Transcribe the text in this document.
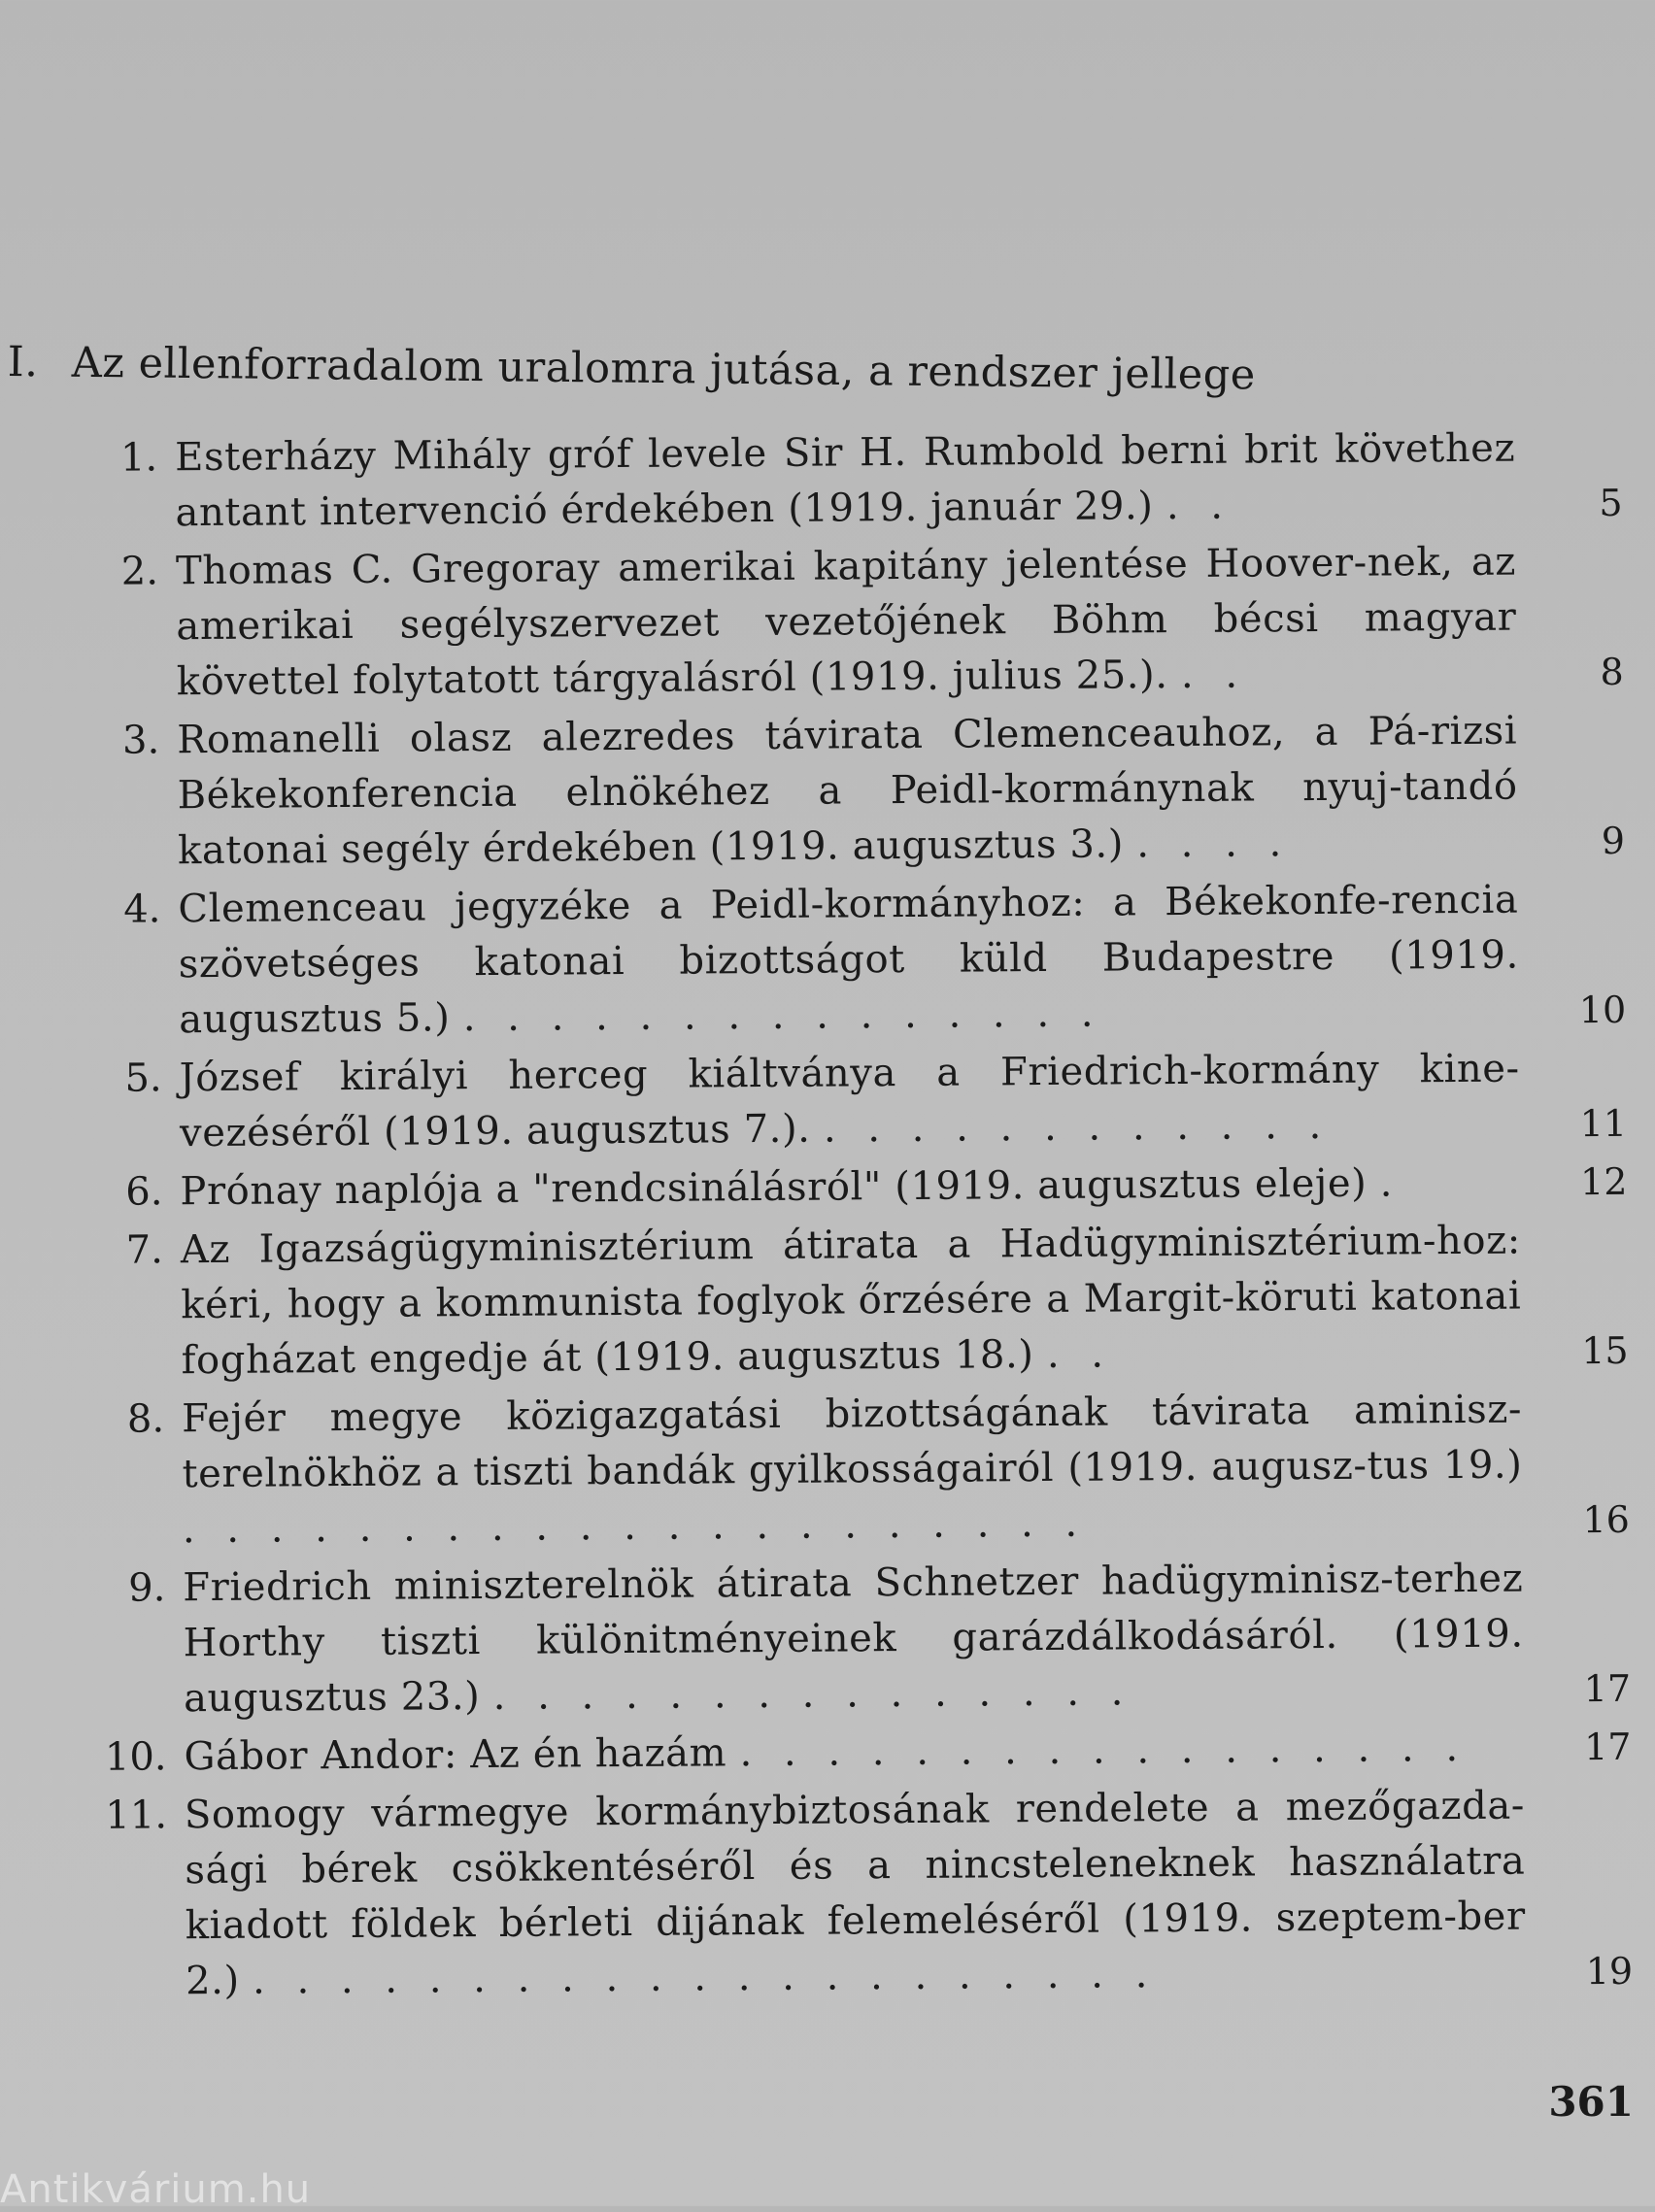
I. Az ellenforradalom uralomra jutása, a rendszer jellege
1. Esterházy Mihály gróf levele Sir H. Rumbold berni brit követhez antant intervenció érdekében (1919. január 29.) . .	5
2. Thomas C. Gregoray amerikai kapitány jelentése Hoover-nek, az amerikai segélyszervezet vezetőjének Böhm bécsi magyar követtel folytatott tárgyalásról (1919. julius 25.). . .	8
3. Romanelli olasz alezredes távirata Clemenceauhoz, a Pá-rizsi Békekonferencia elnökéhez a Peidl-kormánynak nyuj-tandó katonai segély érdekében (1919. augusztus 3.) . . . .	9
4. Clemenceau jegyzéke a Peidl-kormányhoz: a Békekonfe-rencia szövetséges katonai bizottságot küld Budapestre (1919. augusztus 5.) . . . . . . . . . . . . . . .	10
5. József királyi herceg kiáltványa a Friedrich-kormány kine-vezéséről (1919. augusztus 7.). . . . . . . . . . . . .	11
6. Prónay naplója a "rendcsinálásról" (1919. augusztus eleje) .	12
7. Az Igazságügyminisztérium átirata a Hadügyminisztérium-hoz: kéri, hogy a kommunista foglyok őrzésére a Margit-köruti katonai fogházat engedje át (1919. augusztus 18.) . .	15
8. Fejér megye közigazgatási bizottságának távirata aminisz-terelnökhöz a tiszti bandák gyilkosságairól (1919. augusz-tus 19.) . . . . . . . . . . . . . . . . . . . . .	16
9. Friedrich miniszterelnök átirata Schnetzer hadügyminisz-terhez Horthy tiszti különitményeinek garázdálkodásáról. (1919. augusztus 23.) . . . . . . . . . . . . . . .	17
10. Gábor Andor: Az én hazám . . . . . . . . . . . . . . . . .	17
11. Somogy vármegye kormánybiztosának rendelete a mezőgazda-sági bérek csökkentéséről és a nincsteleneknek használatra kiadott földek bérleti dijának felemeléséről (1919. szeptem-ber 2.) . . . . . . . . . . . . . . . . . . . . .	19
361
Antikvárium.hu
